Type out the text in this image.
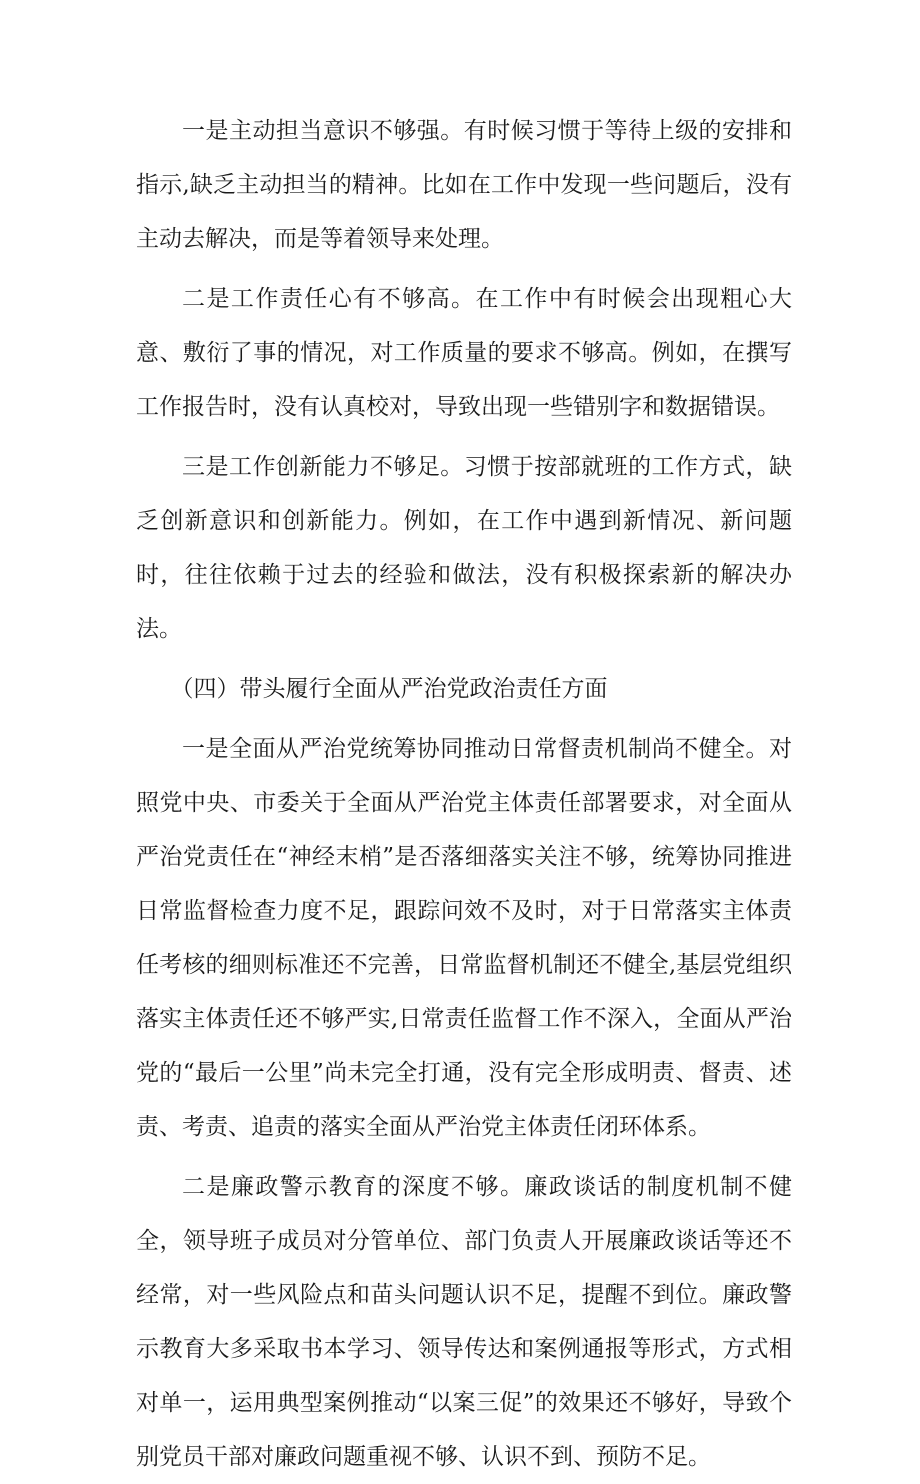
一是主动担当意识不够强。有时候习惯于等待上级的安排和指示,缺乏主动担当的精神。比如在工作中发现一些问题后，没有主动去解决，而是等着领导来处理。

二是工作责任心有不够高。在工作中有时候会出现粗心大意、敷衍了事的情况，对工作质量的要求不够高。例如，在撰写工作报告时，没有认真校对，导致出现一些错别字和数据错误。

三是工作创新能力不够足。习惯于按部就班的工作方式，缺乏创新意识和创新能力。例如，在工作中遇到新情况、新问题时，往往依赖于过去的经验和做法，没有积极探索新的解决办法。

（四）带头履行全面从严治党政治责任方面

一是全面从严治党统筹协同推动日常督责机制尚不健全。对照党中央、市委关于全面从严治党主体责任部署要求，对全面从严治党责任在“神经末梢”是否落细落实关注不够，统筹协同推进日常监督检查力度不足，跟踪问效不及时，对于日常落实主体责任考核的细则标准还不完善，日常监督机制还不健全,基层党组织落实主体责任还不够严实,日常责任监督工作不深入，全面从严治党的“最后一公里”尚未完全打通，没有完全形成明责、督责、述责、考责、追责的落实全面从严治党主体责任闭环体系。

二是廉政警示教育的深度不够。廉政谈话的制度机制不健全，领导班子成员对分管单位、部门负责人开展廉政谈话等还不经常，对一些风险点和苗头问题认识不足，提醒不到位。廉政警示教育大多采取书本学习、领导传达和案例通报等形式，方式相对单一，运用典型案例推动“以案三促”的效果还不够好，导致个别党员干部对廉政问题重视不够、认识不到、预防不足。
